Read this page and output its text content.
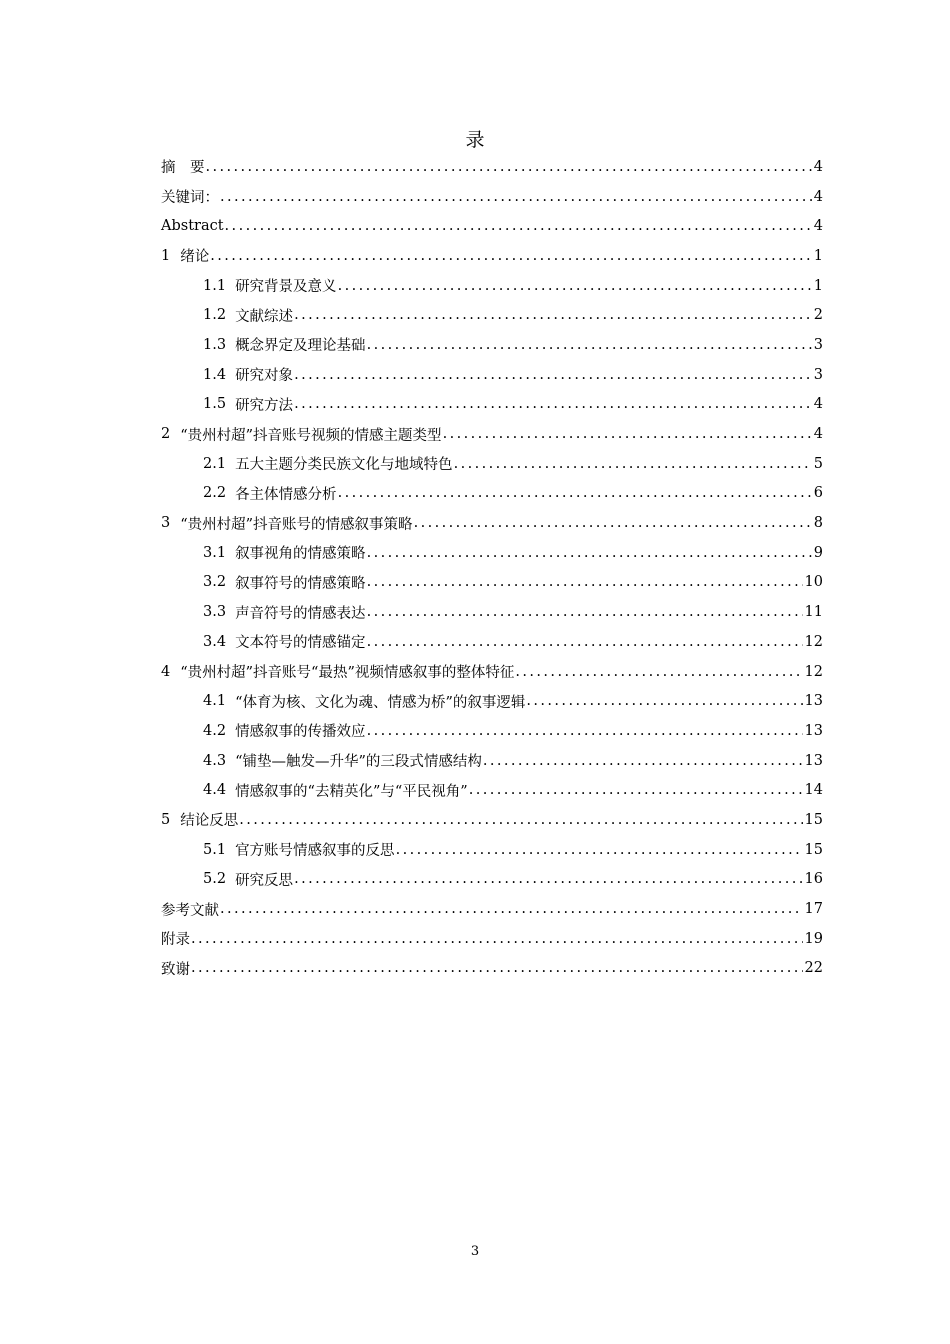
录
摘　要 .....	4
关键词： .....	4
Abstract .....	4
1 绪论 .....	1
1.1 研究背景及意义 .....	1
1.2 文献综述 .....	2
1.3 概念界定及理论基础 .....	3
1.4 研究对象 .....	3
1.5 研究方法 .....	4
2 “贵州村超”抖音账号视频的情感主题类型 .....	4
2.1 五大主题分类民族文化与地域特色 .....	5
2.2 各主体情感分析 .....	6
3 “贵州村超”抖音账号的情感叙事策略 .....	8
3.1 叙事视角的情感策略 .....	9
3.2 叙事符号的情感策略 .....	10
3.3 声音符号的情感表达 .....	11
3.4 文本符号的情感锚定 .....	12
4 “贵州村超”抖音账号“最热”视频情感叙事的整体特征 .....	12
4.1 “体育为核、文化为魂、情感为桥”的叙事逻辑 .....	13
4.2 情感叙事的传播效应 .....	13
4.3 “铺垫—触发—升华”的三段式情感结构 .....	13
4.4 情感叙事的“去精英化”与“平民视角” .....	14
5 结论反思 .....	15
5.1 官方账号情感叙事的反思 .....	15
5.2 研究反思 .....	16
参考文献 .....	17
附录 .....	19
致谢 .....	22
3
